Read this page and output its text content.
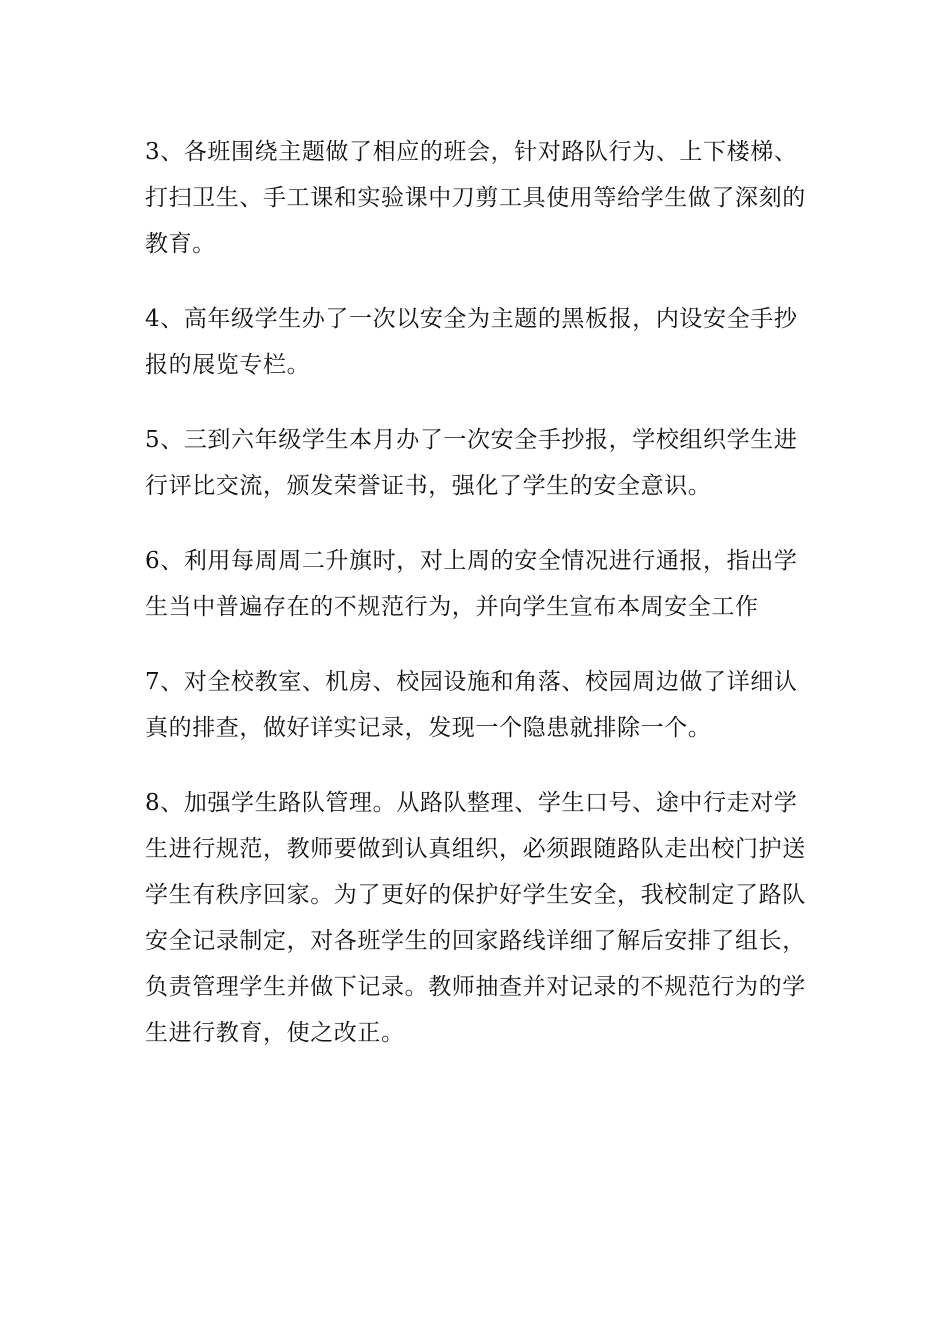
3、各班围绕主题做了相应的班会，针对路队行为、上下楼梯、打扫卫生、手工课和实验课中刀剪工具使用等给学生做了深刻的教育。

4、高年级学生办了一次以安全为主题的黑板报，内设安全手抄报的展览专栏。

5、三到六年级学生本月办了一次安全手抄报，学校组织学生进行评比交流，颁发荣誉证书，强化了学生的安全意识。

6、利用每周周二升旗时，对上周的安全情况进行通报，指出学生当中普遍存在的不规范行为，并向学生宣布本周安全工作

7、对全校教室、机房、校园设施和角落、校园周边做了详细认真的排查，做好详实记录，发现一个隐患就排除一个。

8、加强学生路队管理。从路队整理、学生口号、途中行走对学生进行规范，教师要做到认真组织，必须跟随路队走出校门护送学生有秩序回家。为了更好的保护好学生安全，我校制定了路队安全记录制定，对各班学生的回家路线详细了解后安排了组长，负责管理学生并做下记录。教师抽查并对记录的不规范行为的学生进行教育，使之改正。
